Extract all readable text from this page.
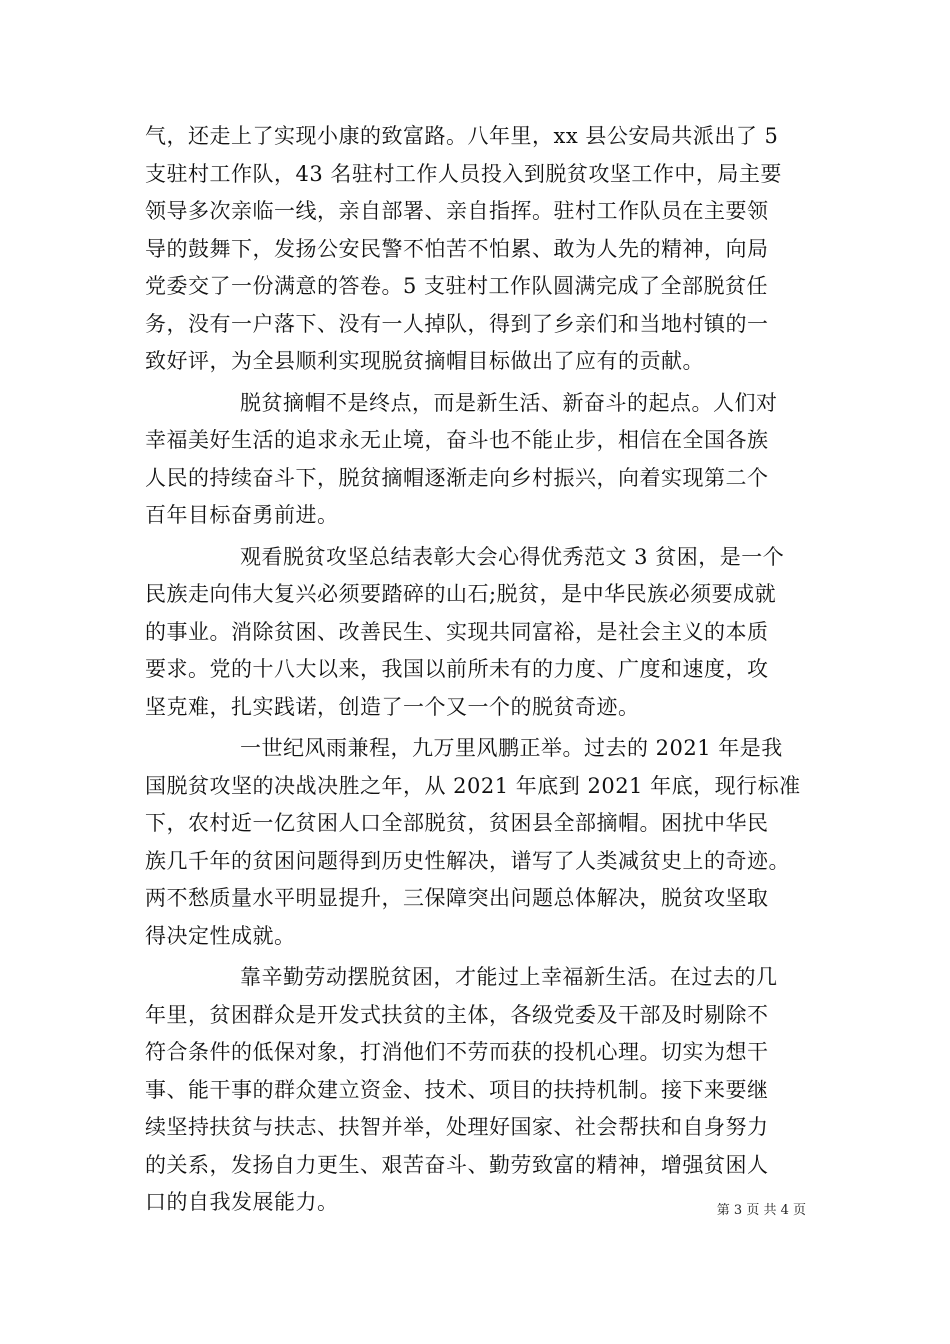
气，还走上了实现小康的致富路。八年里，xx 县公安局共派出了 5
支驻村工作队，43 名驻村工作人员投入到脱贫攻坚工作中，局主要
领导多次亲临一线，亲自部署、亲自指挥。驻村工作队员在主要领
导的鼓舞下，发扬公安民警不怕苦不怕累、敢为人先的精神，向局
党委交了一份满意的答卷。5 支驻村工作队圆满完成了全部脱贫任
务，没有一户落下、没有一人掉队，得到了乡亲们和当地村镇的一
致好评，为全县顺利实现脱贫摘帽目标做出了应有的贡献。
脱贫摘帽不是终点，而是新生活、新奋斗的起点。人们对
幸福美好生活的追求永无止境，奋斗也不能止步，相信在全国各族
人民的持续奋斗下，脱贫摘帽逐渐走向乡村振兴，向着实现第二个
百年目标奋勇前进。
观看脱贫攻坚总结表彰大会心得优秀范文 3 贫困，是一个
民族走向伟大复兴必须要踏碎的山石;脱贫，是中华民族必须要成就
的事业。消除贫困、改善民生、实现共同富裕，是社会主义的本质
要求。党的十八大以来，我国以前所未有的力度、广度和速度，攻
坚克难，扎实践诺，创造了一个又一个的脱贫奇迹。
一世纪风雨兼程，九万里风鹏正举。过去的 2021 年是我
国脱贫攻坚的决战决胜之年，从 2021 年底到 2021 年底，现行标准
下，农村近一亿贫困人口全部脱贫，贫困县全部摘帽。困扰中华民
族几千年的贫困问题得到历史性解决，谱写了人类减贫史上的奇迹。
两不愁质量水平明显提升，三保障突出问题总体解决，脱贫攻坚取
得决定性成就。
靠辛勤劳动摆脱贫困，才能过上幸福新生活。在过去的几
年里，贫困群众是开发式扶贫的主体，各级党委及干部及时剔除不
符合条件的低保对象，打消他们不劳而获的投机心理。切实为想干
事、能干事的群众建立资金、技术、项目的扶持机制。接下来要继
续坚持扶贫与扶志、扶智并举，处理好国家、社会帮扶和自身努力
的关系，发扬自力更生、艰苦奋斗、勤劳致富的精神，增强贫困人
口的自我发展能力。	第 3 页 共 4 页
